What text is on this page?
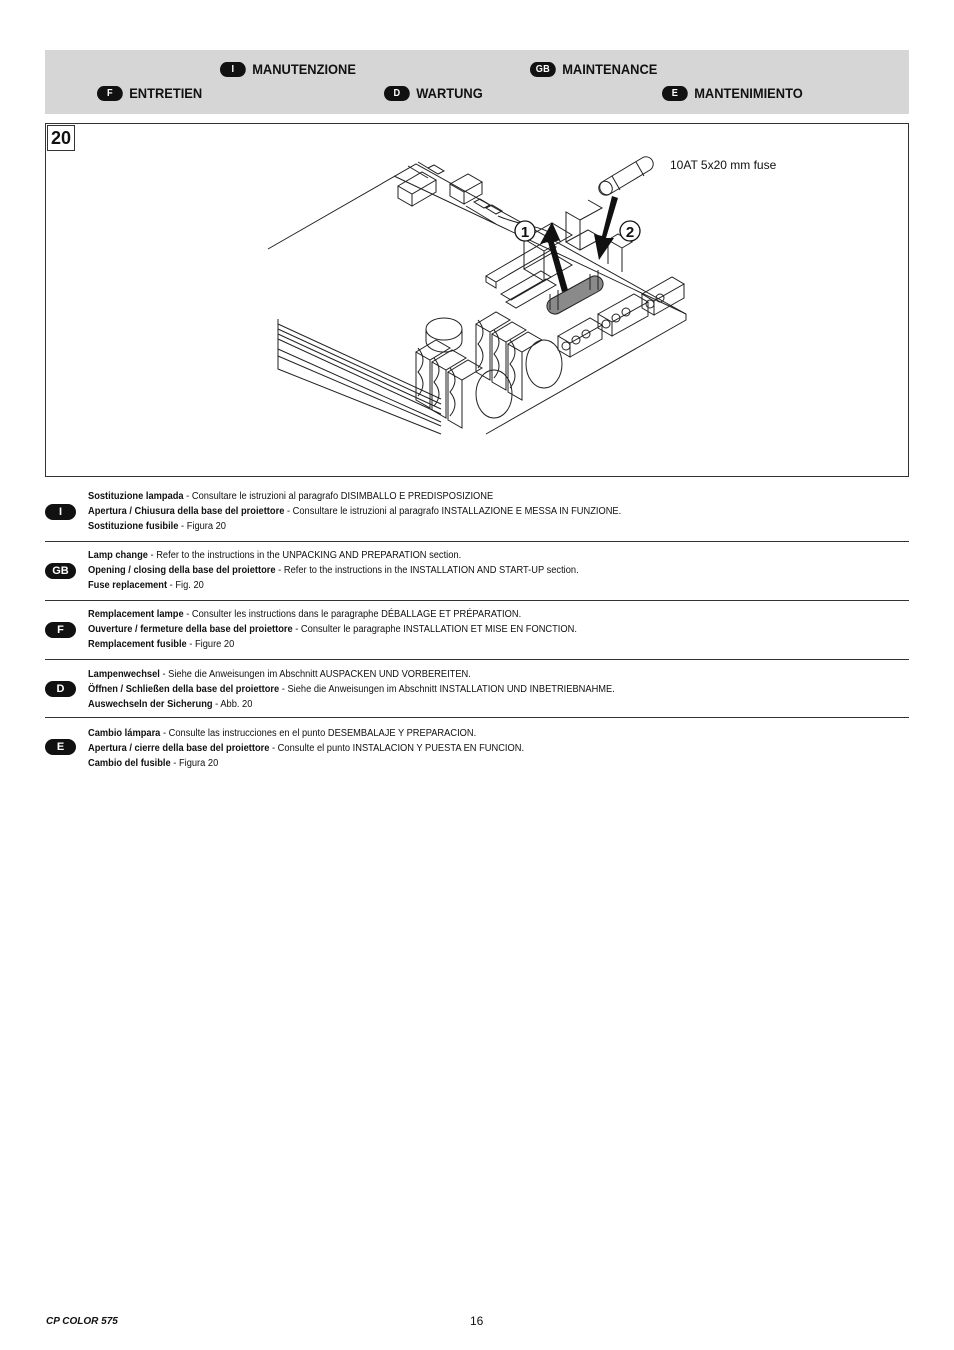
I	MANUTENZIONE	GB MAINTENANCE
F	ENTRETIEN	D	WARTUNG	E	MANTENIMIENTO
20
1	2
10AT 5x20 mm fuse
I
Sostituzione lampada - Consultare le istruzioni al paragrafo DISIMBALLO E PREDISPOSIZIONE
Apertura / Chiusura della base del proiettore - Consultare le istruzioni al paragrafo INSTALLAZIONE E MESSA IN FUNZIONE.
Sostituzione fusibile - Figura 20
GB
Lamp change - Refer to the instructions in the UNPACKING AND PREPARATION section.
Opening / closing della base del proiettore - Refer to the instructions in the INSTALLATION AND START-UP section.
Fuse replacement - Fig. 20
F
Remplacement lampe - Consulter les instructions dans le paragraphe DÉBALLAGE ET PRÉPARATION.
Ouverture / fermeture della base del proiettore - Consulter le paragraphe INSTALLATION ET MISE EN FONCTION.
Remplacement fusible - Figure 20
D
Lampenwechsel - Siehe die Anweisungen im Abschnitt AUSPACKEN UND VORBEREITEN.
Öffnen / Schließen della base del proiettore - Siehe die Anweisungen im Abschnitt INSTALLATION UND INBETRIEBNAHME.
Auswechseln der Sicherung - Abb. 20
E
Cambio lámpara - Consulte las instrucciones en el punto DESEMBALAJE Y PREPARACION.
Apertura / cierre della base del proiettore - Consulte el punto INSTALACION Y PUESTA EN FUNCION.
Cambio del fusible - Figura 20
CP COLOR 575	16
